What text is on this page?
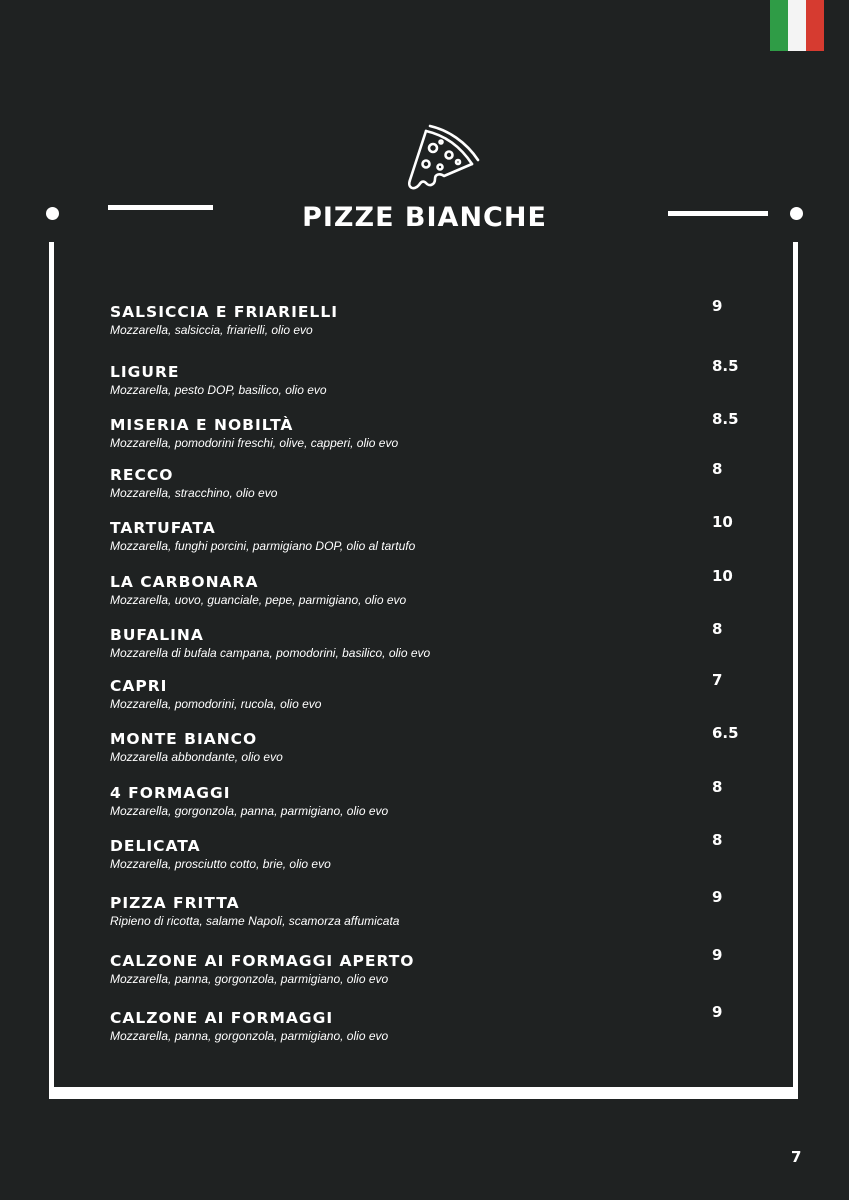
PIZZE BIANCHE
SALSICCIA E FRIARIELLI
Mozzarella, salsiccia, friarielli, olio evo
9
LIGURE
Mozzarella, pesto DOP, basilico, olio evo
8.5
MISERIA E NOBILTÀ
Mozzarella, pomodorini freschi, olive, capperi, olio evo
8.5
RECCO
Mozzarella, stracchino, olio evo
8
TARTUFATA
Mozzarella, funghi porcini, parmigiano DOP, olio al tartufo
10
LA CARBONARA
Mozzarella, uovo, guanciale, pepe, parmigiano, olio evo
10
BUFALINA
Mozzarella di bufala campana, pomodorini, basilico, olio evo
8
CAPRI
Mozzarella, pomodorini, rucola, olio evo
7
MONTE BIANCO
Mozzarella abbondante, olio evo
6.5
4 FORMAGGI
Mozzarella, gorgonzola, panna, parmigiano, olio evo
8
DELICATA
Mozzarella, prosciutto cotto, brie, olio evo
8
PIZZA FRITTA
Ripieno di ricotta, salame Napoli, scamorza affumicata
9
CALZONE AI FORMAGGI APERTO
Mozzarella, panna, gorgonzola, parmigiano, olio evo
9
CALZONE AI FORMAGGI
Mozzarella, panna, gorgonzola, parmigiano, olio evo
9
7
